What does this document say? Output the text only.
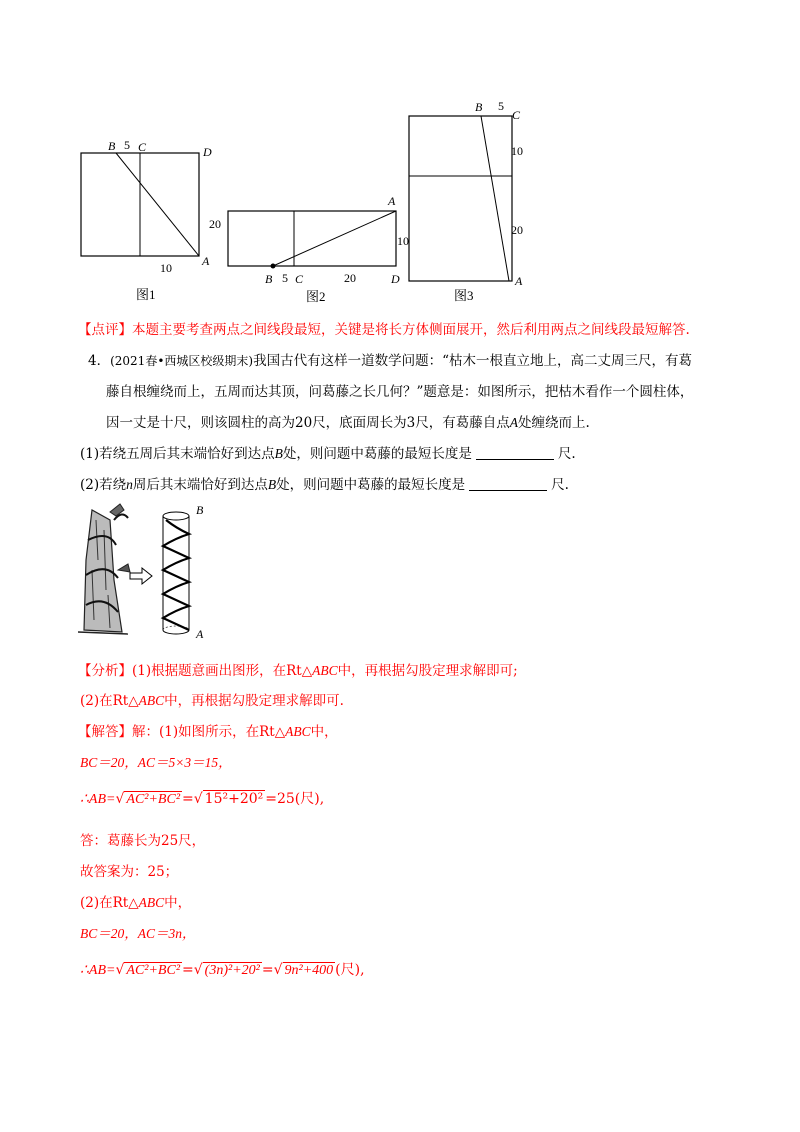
B 5 C	D
A
10
图1
A
20
10
B 5 C	20	D
图2
B 5
C
10
20
A
图3
【点评】本题主要考查两点之间线段最短，关键是将长方体侧面展开，然后利用两点之间线段最短解答.
4．(2021春•西城区校级期末)我国古代有这样一道数学问题：“枯木一根直立地上，高二丈周三尺，有葛
藤自根缠绕而上，五周而达其顶，问葛藤之长几何？”题意是：如图所示，把枯木看作一个圆柱体，
因一丈是十尺，则该圆柱的高为20尺，底面周长为3尺，有葛藤自点A处缠绕而上.
(1)若绕五周后其末端恰好到达点B处，则问题中葛藤的最短长度是	尺.
(2)若绕n周后其末端恰好到达点B处，则问题中葛藤的最短长度是	尺.
B
A
【分析】(1)根据题意画出图形，在Rt△ABC中，再根据勾股定理求解即可;
(2)在Rt△ABC中，再根据勾股定理求解即可.
【解答】解：(1)如图所示，在Rt△ABC中，
BC＝20，AC＝5×3＝15，
∴AB=√ AC²+BC² =√ 15²+20² =25(尺),
答：葛藤长为25尺，
故答案为：25；
(2)在Rt△ABC中，
BC＝20，AC＝3n，
∴AB=√ AC²+BC² =√ (3n)²+20² =√ 9n²+400 (尺),
